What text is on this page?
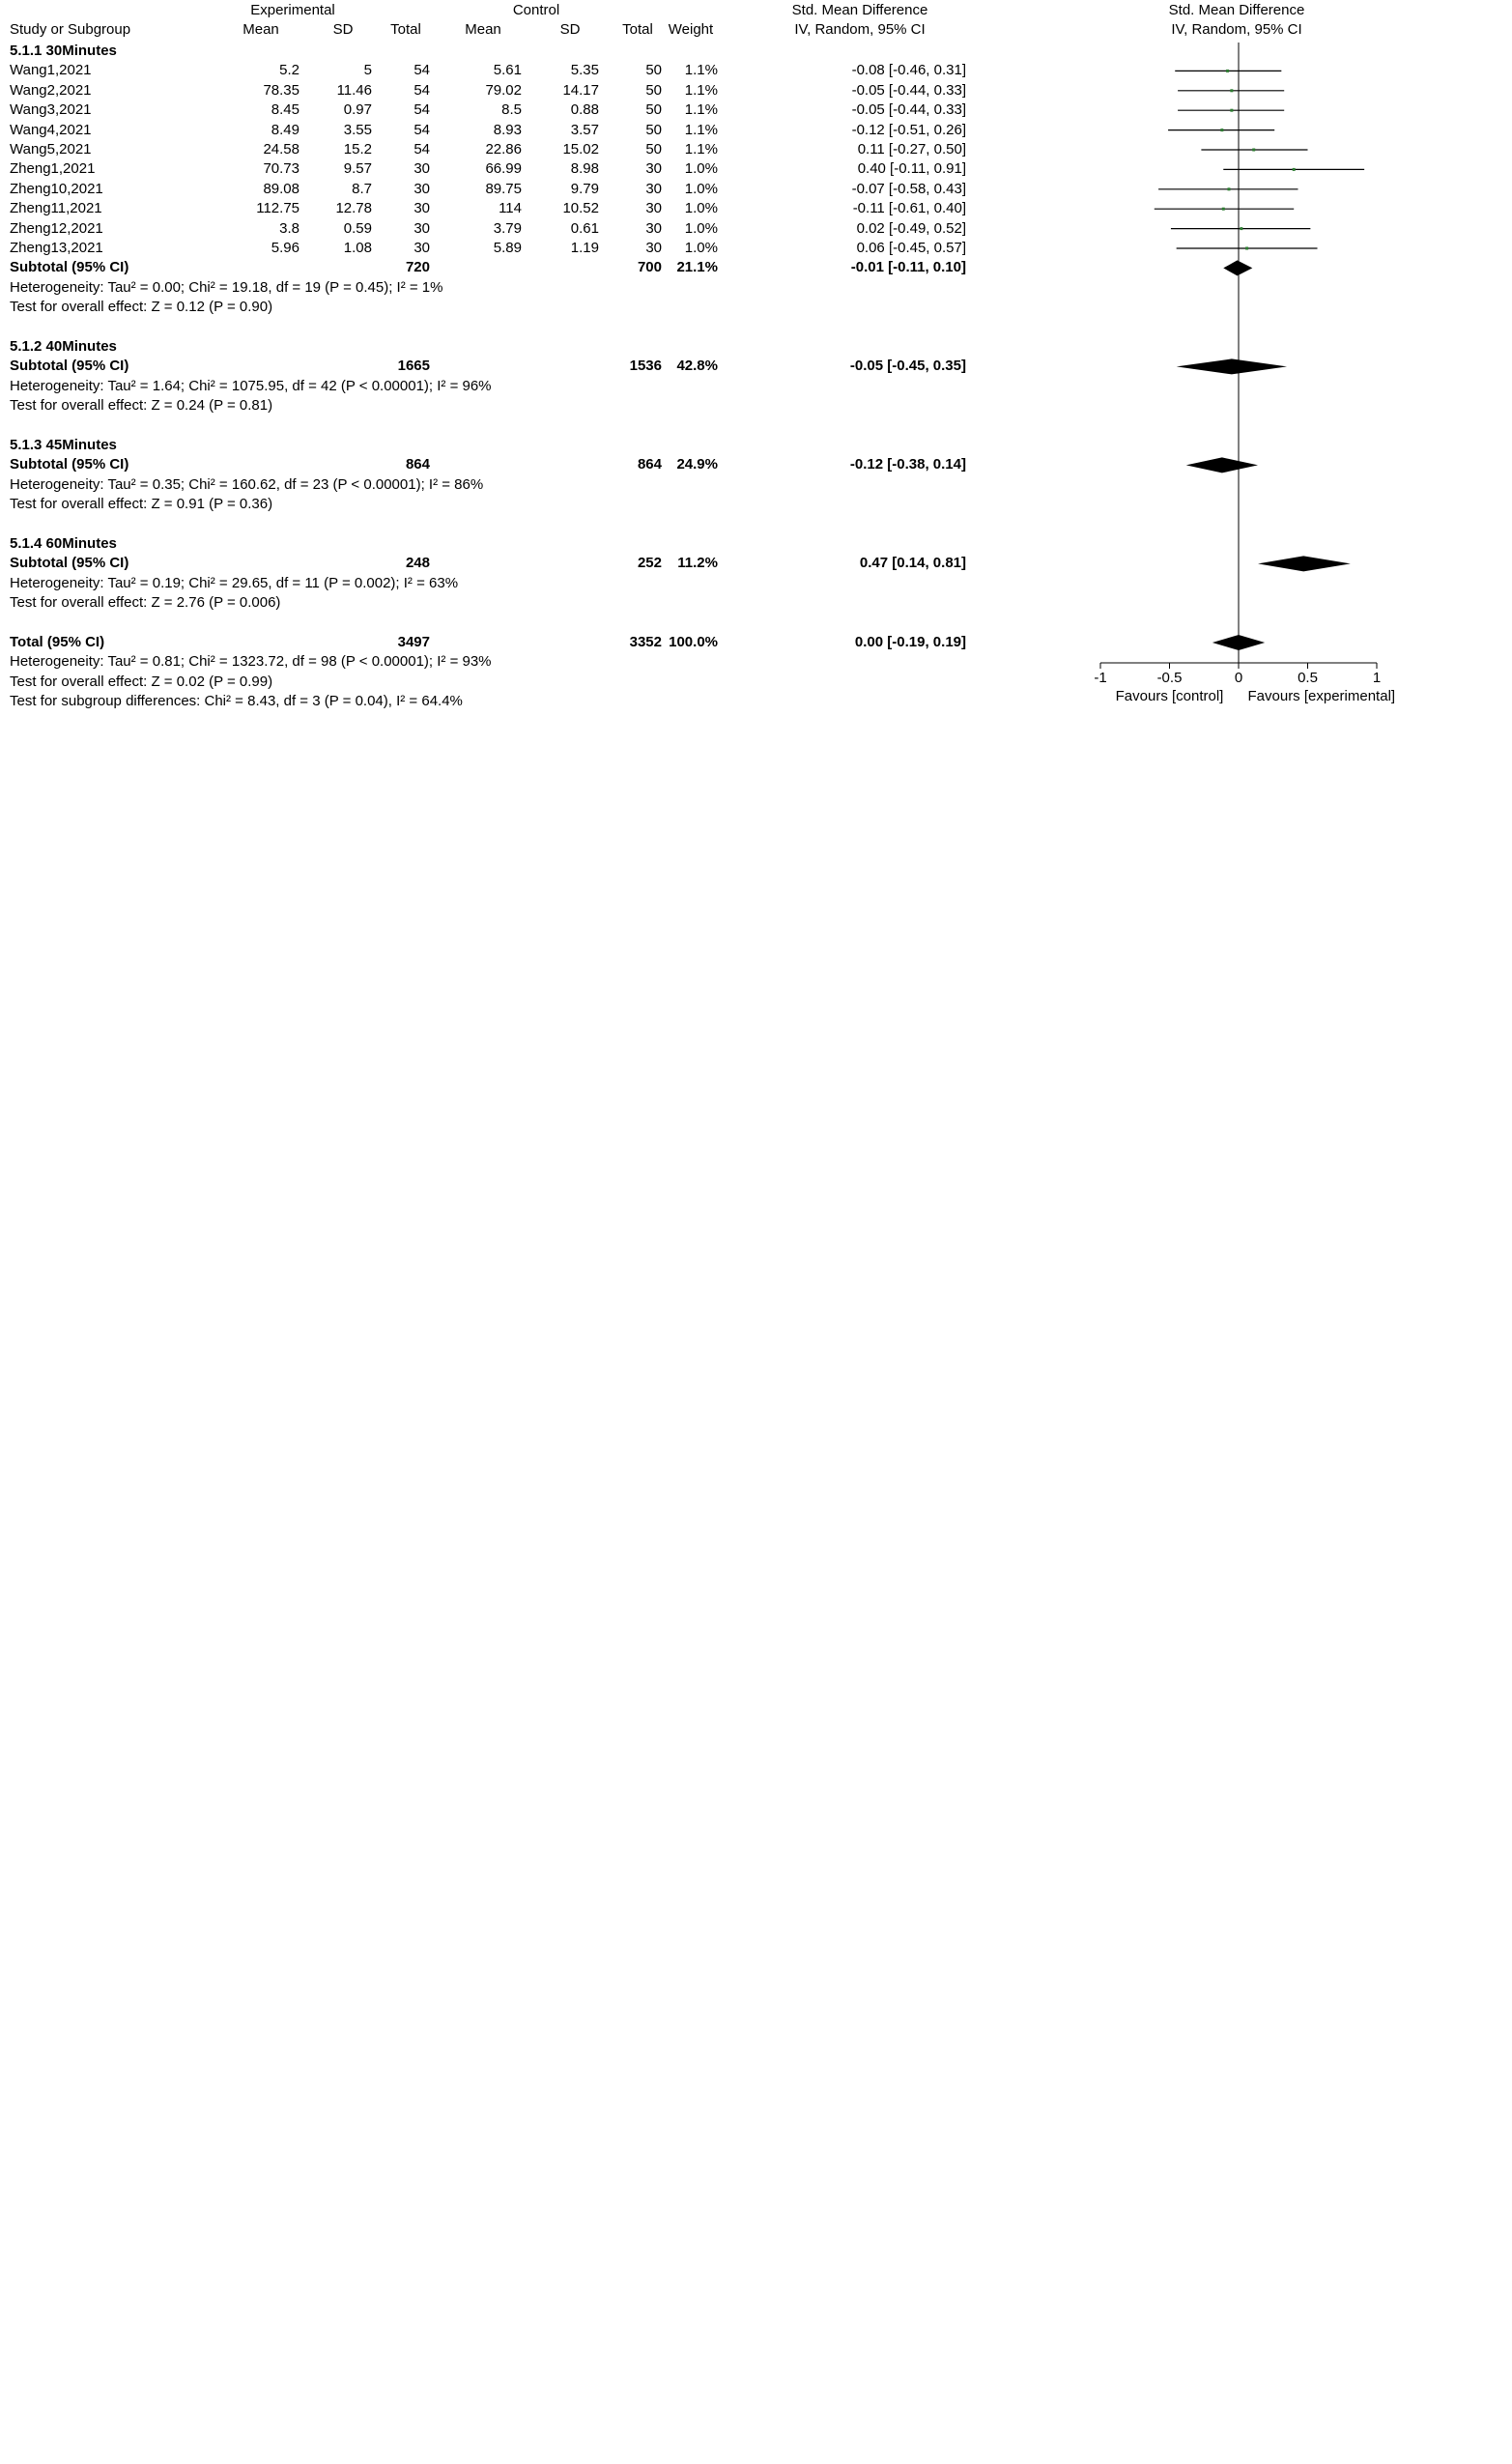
Experimental	Control	Std. Mean Difference	Std. Mean Difference
Study or Subgroup	Mean	SD	Total	Mean	SD	Total	Weight	IV, Random, 95% CI	IV, Random, 95% CI
5.1.1 30Minutes
Wang1,2021	5.2	5	54	5.61	5.35	50	1.1%	-0.08 [-0.46, 0.31]
Wang2,2021	78.35	11.46	54	79.02	14.17	50	1.1%	-0.05 [-0.44, 0.33]
Wang3,2021	8.45	0.97	54	8.5	0.88	50	1.1%	-0.05 [-0.44, 0.33]
Wang4,2021	8.49	3.55	54	8.93	3.57	50	1.1%	-0.12 [-0.51, 0.26]
Wang5,2021	24.58	15.2	54	22.86	15.02	50	1.1%	0.11 [-0.27, 0.50]
Zheng1,2021	70.73	9.57	30	66.99	8.98	30	1.0%	0.40 [-0.11, 0.91]
Zheng10,2021	89.08	8.7	30	89.75	9.79	30	1.0%	-0.07 [-0.58, 0.43]
Zheng11,2021	112.75	12.78	30	114	10.52	30	1.0%	-0.11 [-0.61, 0.40]
Zheng12,2021	3.8	0.59	30	3.79	0.61	30	1.0%	0.02 [-0.49, 0.52]
Zheng13,2021	5.96	1.08	30	5.89	1.19	30	1.0%	0.06 [-0.45, 0.57]
Subtotal (95% CI)	720	700	21.1%	-0.01 [-0.11, 0.10]
Heterogeneity: Tau² = 0.00; Chi² = 19.18, df = 19 (P = 0.45); I² = 1%
Test for overall effect: Z = 0.12 (P = 0.90)
5.1.2 40Minutes
Subtotal (95% CI)	1665	1536	42.8%	-0.05 [-0.45, 0.35]
Heterogeneity: Tau² = 1.64; Chi² = 1075.95, df = 42 (P < 0.00001); I² = 96%
Test for overall effect: Z = 0.24 (P = 0.81)
5.1.3 45Minutes
Subtotal (95% CI)	864	864	24.9%	-0.12 [-0.38, 0.14]
Heterogeneity: Tau² = 0.35; Chi² = 160.62, df = 23 (P < 0.00001); I² = 86%
Test for overall effect: Z = 0.91 (P = 0.36)
5.1.4 60Minutes
Subtotal (95% CI)	248	252	11.2%	0.47 [0.14, 0.81]
Heterogeneity: Tau² = 0.19; Chi² = 29.65, df = 11 (P = 0.002); I² = 63%
Test for overall effect: Z = 2.76 (P = 0.006)
Total (95% CI)	3497	3352 100.0%	0.00 [-0.19, 0.19]
Heterogeneity: Tau² = 0.81; Chi² = 1323.72, df = 98 (P < 0.00001); I² = 93%
Test for overall effect: Z = 0.02 (P = 0.99)
Test for subgroup differences: Chi² = 8.43, df = 3 (P = 0.04), I² = 64.4%
-1	-0.5	0	0.5	1
Favours [control]	Favours [experimental]
